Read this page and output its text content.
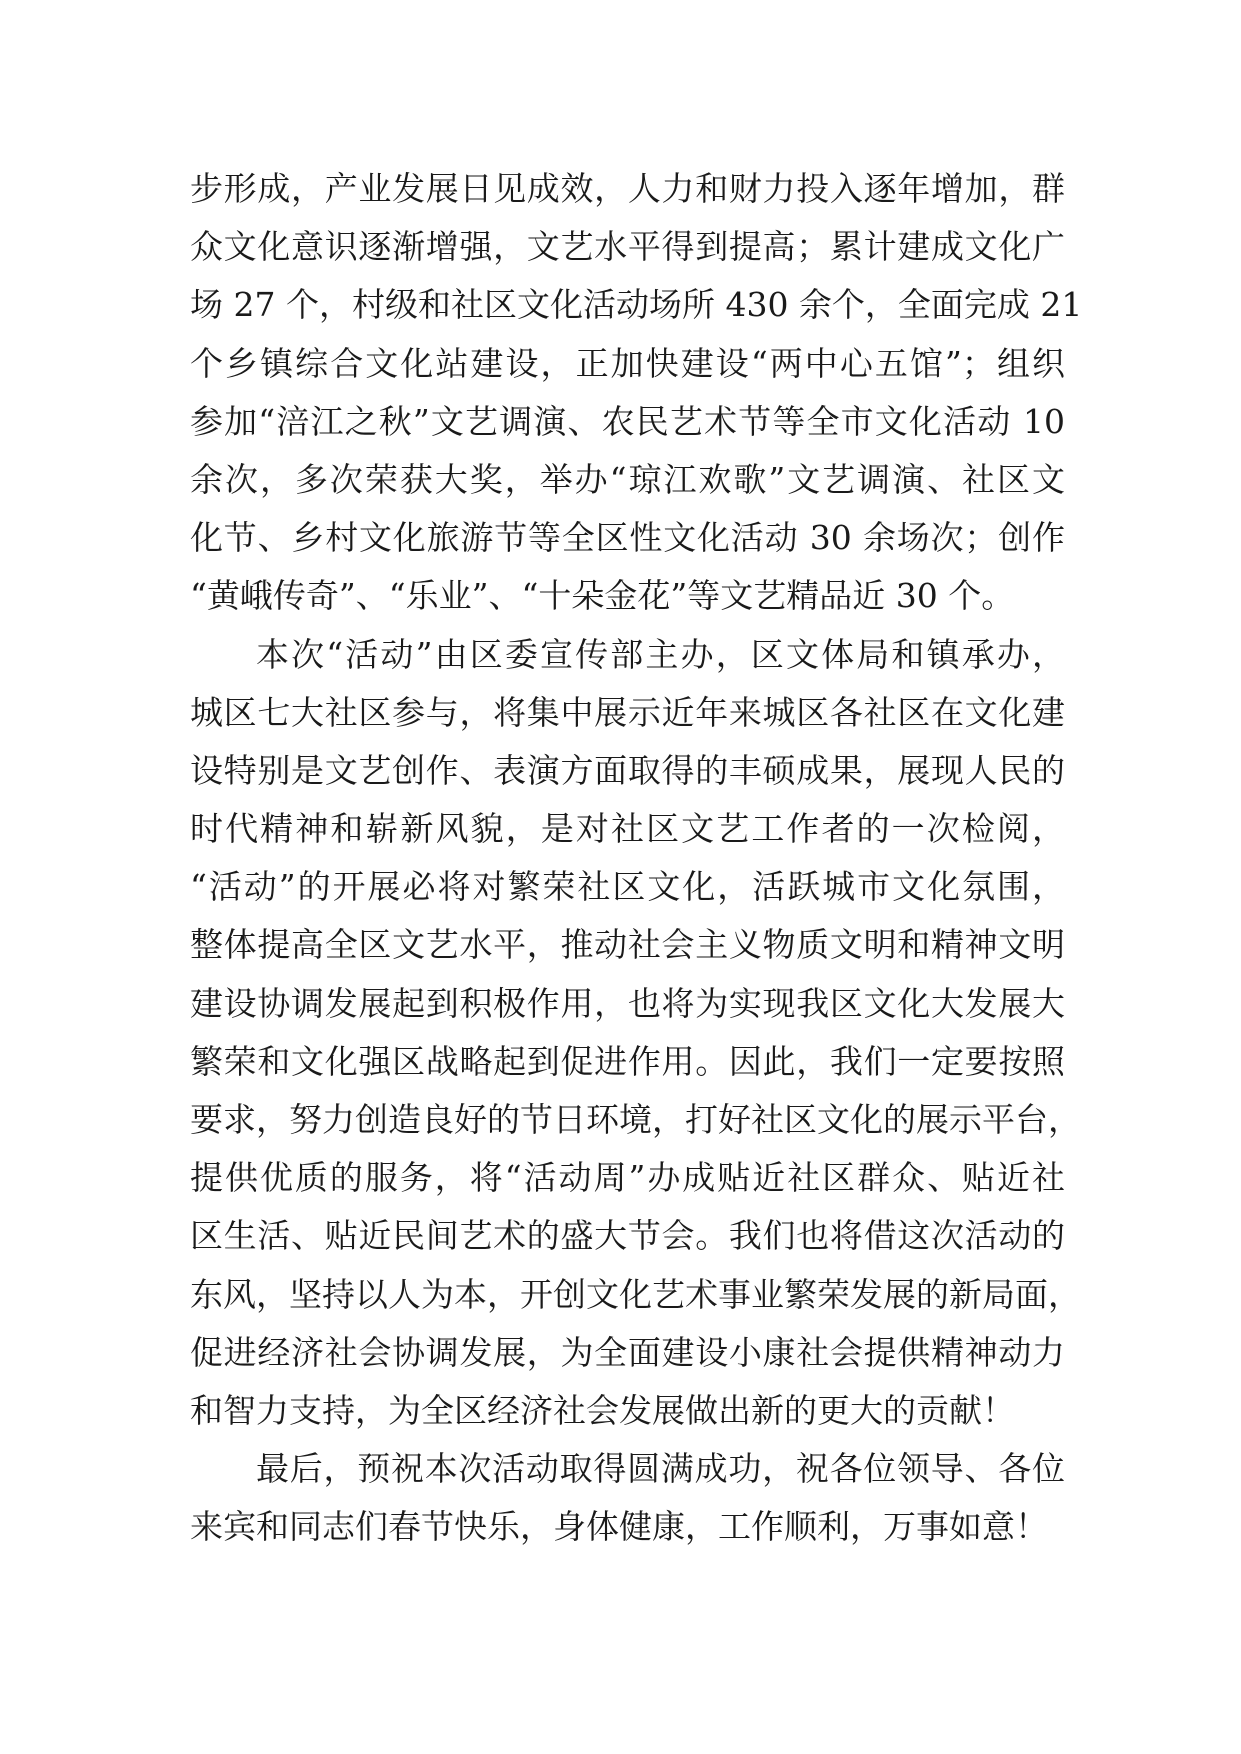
步形成，产业发展日见成效，人力和财力投入逐年增加，群
众文化意识逐渐增强，文艺水平得到提高；累计建成文化广
场 27 个，村级和社区文化活动场所 430 余个，全面完成 21
个乡镇综合文化站建设，正加快建设“两中心五馆”；组织
参加“涪江之秋”文艺调演、农民艺术节等全市文化活动 10
余次，多次荣获大奖，举办“琼江欢歌”文艺调演、社区文
化节、乡村文化旅游节等全区性文化活动 30 余场次；创作
“黄峨传奇”、“乐业”、“十朵金花”等文艺精品近 30 个。
本次“活动”由区委宣传部主办，区文体局和镇承办，
城区七大社区参与，将集中展示近年来城区各社区在文化建
设特别是文艺创作、表演方面取得的丰硕成果，展现人民的
时代精神和崭新风貌，是对社区文艺工作者的一次检阅，
“活动”的开展必将对繁荣社区文化，活跃城市文化氛围，
整体提高全区文艺水平，推动社会主义物质文明和精神文明
建设协调发展起到积极作用，也将为实现我区文化大发展大
繁荣和文化强区战略起到促进作用。因此，我们一定要按照
要求，努力创造良好的节日环境，打好社区文化的展示平台，
提供优质的服务，将“活动周”办成贴近社区群众、贴近社
区生活、贴近民间艺术的盛大节会。我们也将借这次活动的
东风，坚持以人为本，开创文化艺术事业繁荣发展的新局面，
促进经济社会协调发展，为全面建设小康社会提供精神动力
和智力支持，为全区经济社会发展做出新的更大的贡献！
最后，预祝本次活动取得圆满成功，祝各位领导、各位
来宾和同志们春节快乐，身体健康，工作顺利，万事如意！
